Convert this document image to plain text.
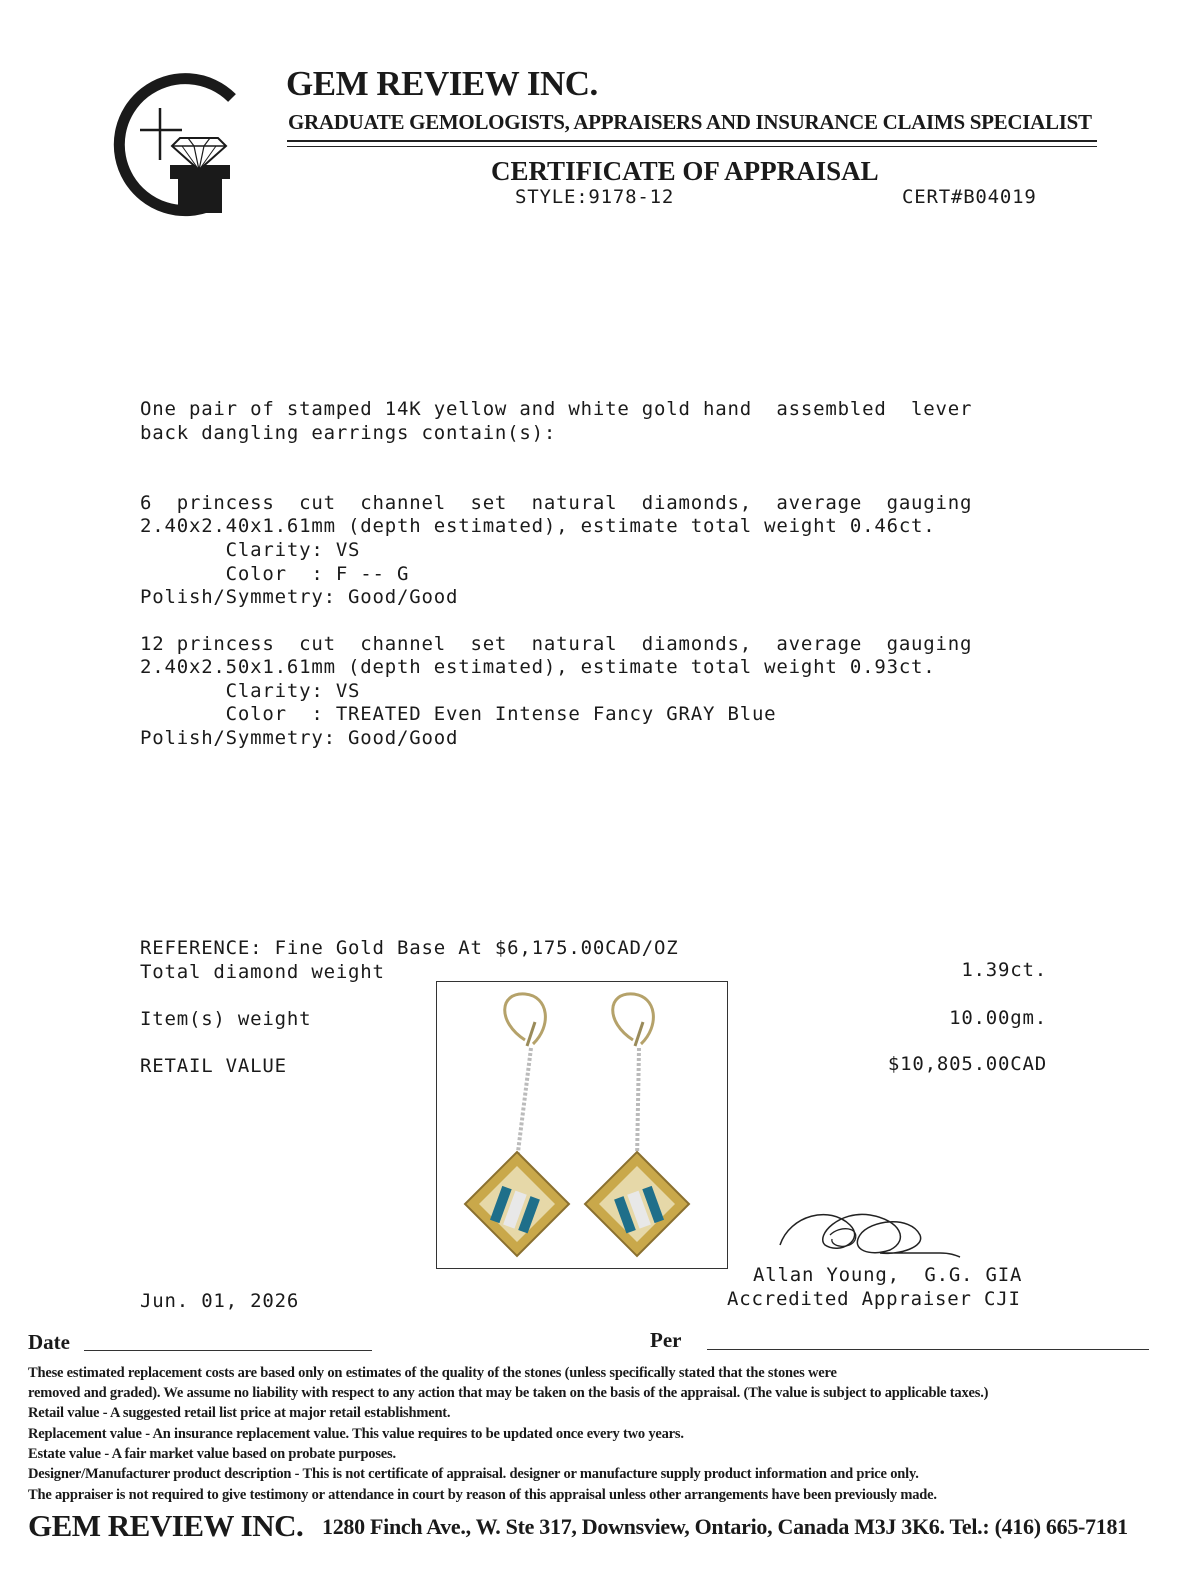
GEM REVIEW INC.
GRADUATE GEMOLOGISTS, APPRAISERS AND INSURANCE CLAIMS SPECIALIST
CERTIFICATE OF APPRAISAL
STYLE:9178-12	CERT#B04019
One pair of stamped 14K yellow and white gold hand  assembled  lever
back dangling earrings contain(s):
6  princess  cut  channel  set  natural  diamonds,  average  gauging
2.40x2.40x1.61mm (depth estimated), estimate total weight 0.46ct.
Clarity: VS
Color  : F -- G
Polish/Symmetry: Good/Good
12 princess  cut  channel  set  natural  diamonds,  average  gauging
2.40x2.50x1.61mm (depth estimated), estimate total weight 0.93ct.
Clarity: VS
Color  : TREATED Even Intense Fancy GRAY Blue
Polish/Symmetry: Good/Good
REFERENCE: Fine Gold Base At $6,175.00CAD/OZ
Total diamond weight	1.39ct.
Item(s) weight	10.00gm.
RETAIL VALUE	$10,805.00CAD
Allan Young,  G.G. GIA
Accredited Appraiser CJI
Jun. 01, 2026
Date	Per
These estimated replacement costs are based only on estimates of the quality of the stones (unless specifically stated that the stones were
removed and graded). We assume no liability with respect to any action that may be taken on the basis of the appraisal. (The value is subject to applicable taxes.)
Retail value - A suggested retail list price at major retail establishment.
Replacement value - An insurance replacement value. This value requires to be updated once every two years.
Estate value - A fair market value based on probate purposes.
Designer/Manufacturer product description - This is not certificate of appraisal. designer or manufacture supply product information and price only.
The appraiser is not required to give testimony or attendance in court by reason of this appraisal unless other arrangements have been previously made.
GEM REVIEW INC. 1280 Finch Ave., W. Ste 317, Downsview, Ontario, Canada M3J 3K6. Tel.: (416) 665-7181
